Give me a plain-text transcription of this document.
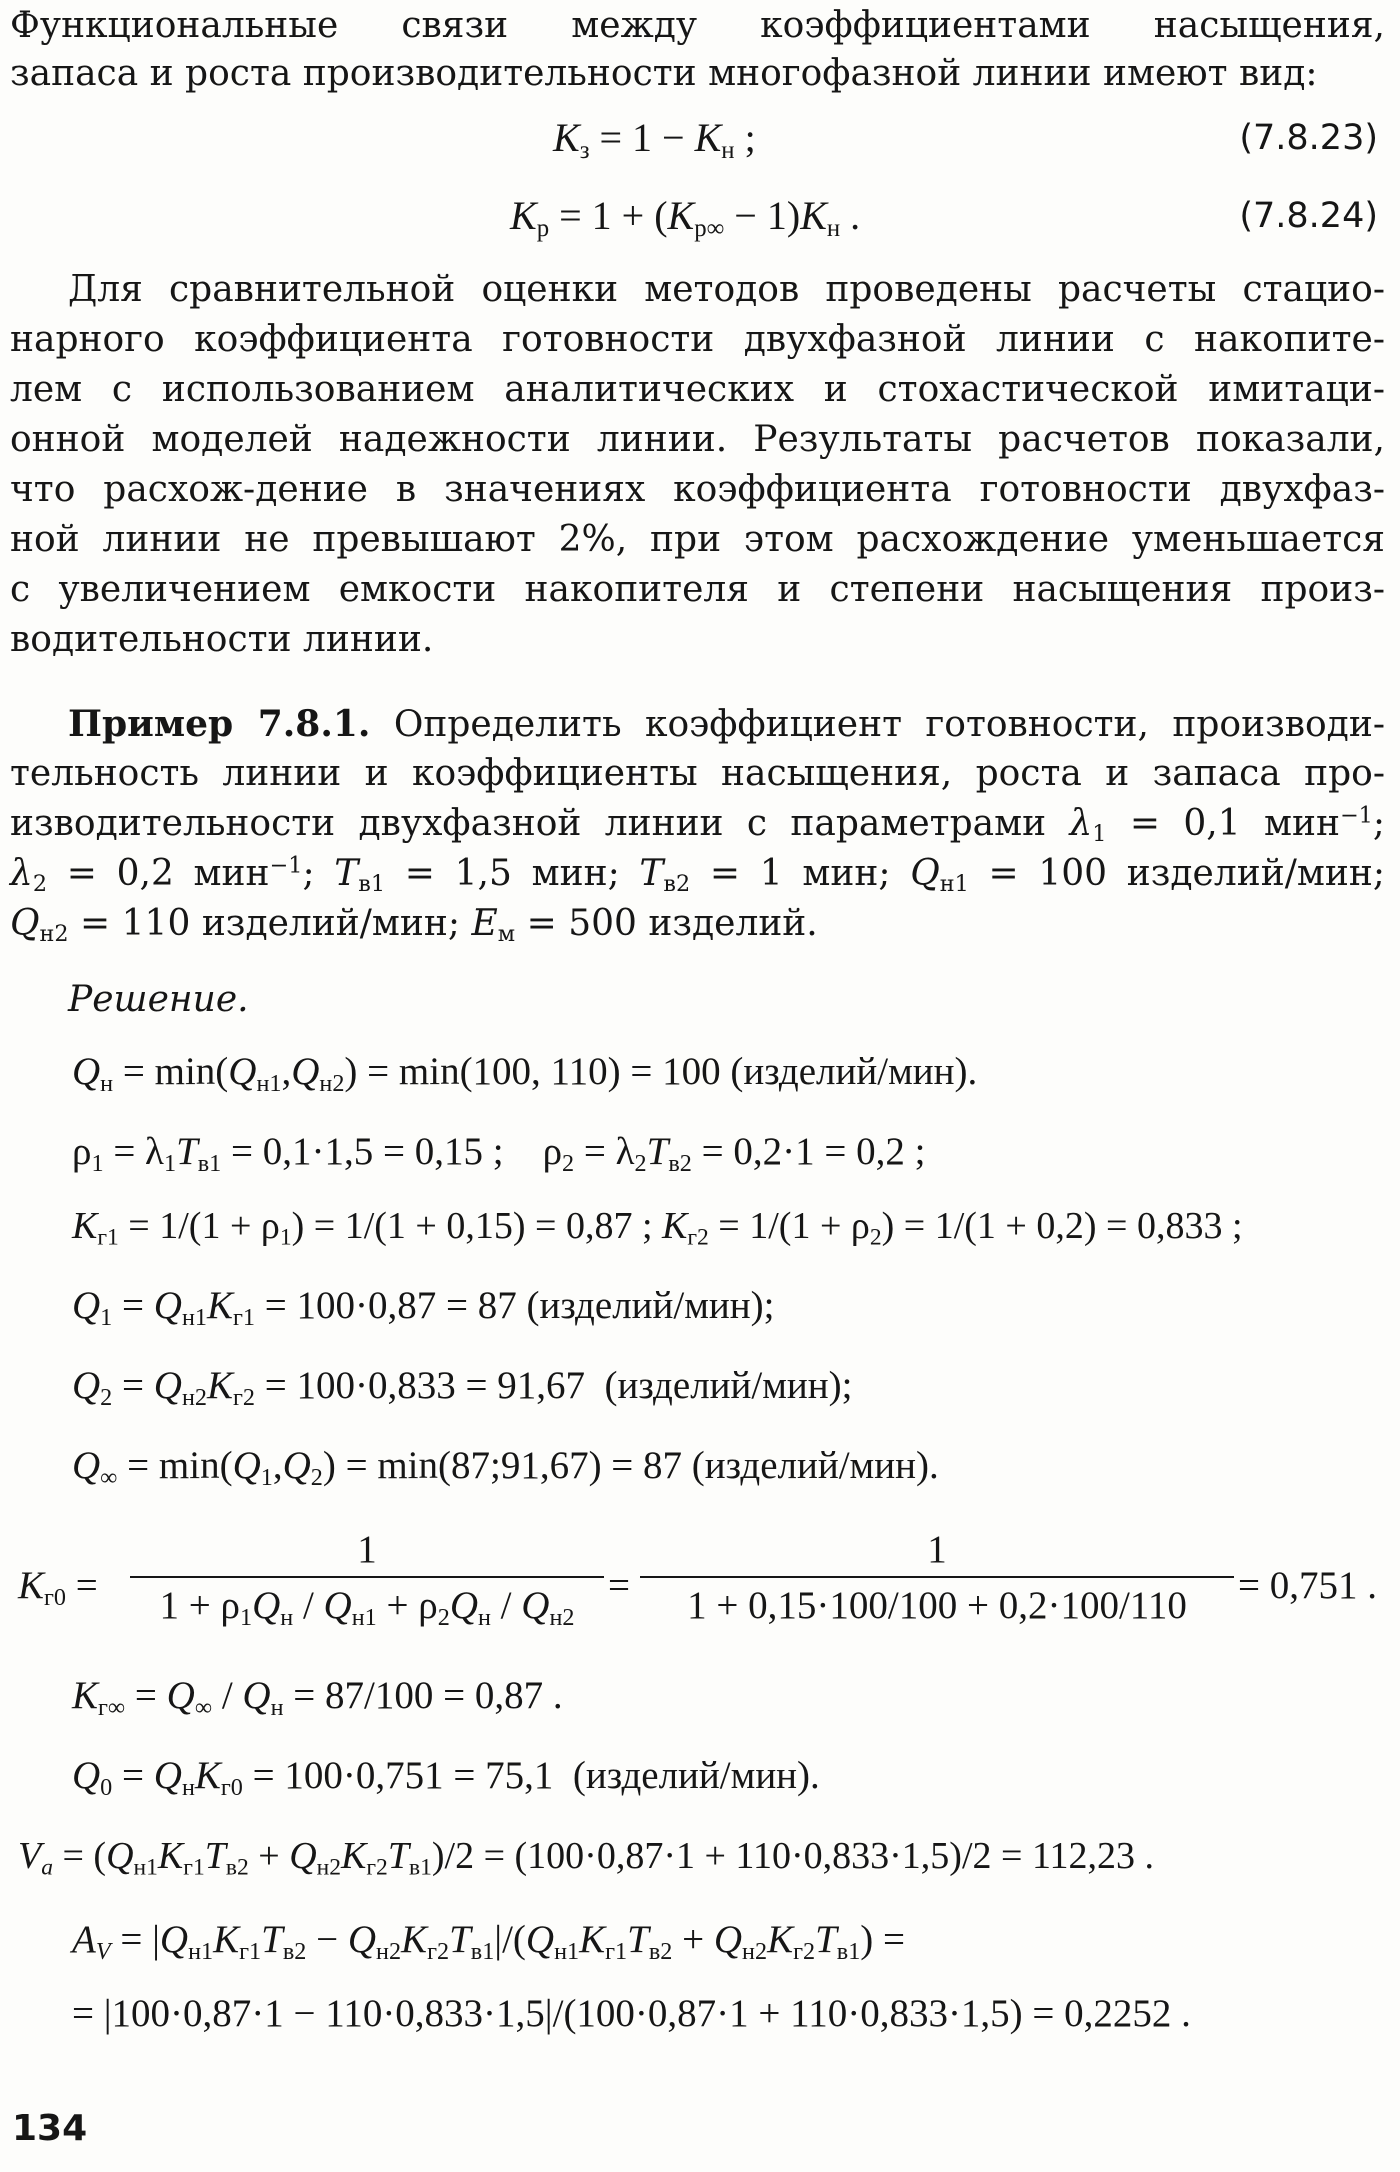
Функциональные связи между коэффициентами насыщения,
запаса и роста производительности многофазной линии имеют вид:
$K_з = 1 - K_н$ ;	(7.8.23)
$K_р = 1 + (K_{р\infty} - 1)K_н$ .	(7.8.24)
Для сравнительной оценки методов проведены расчеты стацио-
нарного коэффициента готовности двухфазной линии с накопите-
лем с использованием аналитических и стохастической имитаци-
онной моделей надежности линии. Результаты расчетов показали,
что расхож-дение в значениях коэффициента готовности двухфаз-
ной линии не превышают 2%, при этом расхождение уменьшается
с увеличением емкости накопителя и степени насыщения произ-
водительности линии.
Пример 7.8.1. Определить коэффициент готовности, производи-
тельность линии и коэффициенты насыщения, роста и запаса про-
изводительности двухфазной линии с параметрами $\lambda_1 = 0,1$ мин$^{-1}$;
$\lambda_2 = 0,2$ мин$^{-1}$; $T_{в1} = 1,5$ мин; $T_{в2} = 1$ мин; $Q_{н1} = 100$ изделий/мин;
$Q_{н2} = 110$ изделий/мин; $E_м = 500$ изделий.
Решение.
$Q_н = \min(Q_{н1},Q_{н2}) = \min(100$, 110) = 100 (изделий/мин).
$\rho_1 = \lambda_1T_{в1} = 0,1\cdot 1,5 = 0,15$ ;    $\rho_2 = \lambda_2T_{в2} = 0,2\cdot 1 = 0,2$ ;
$K_{г1} = 1/(1 + \rho_1) = 1/(1 + 0,15) = 0,87$ ; $K_{г2} = 1/(1 + \rho_2) = 1/(1 + 0,2) = 0,833$ ;
$Q_1 = Q_{н1}K_{г1} = 100\cdot 0,87 = 87$ (изделий/мин);
$Q_2 = Q_{н2}K_{г2} = 100\cdot 0,833 = 91,67$  (изделий/мин);
$Q_\infty = \min(Q_1,Q_2)$ = min(87;91,67) = 87 (изделий/мин).
$K_{г0}$ =
1
$1 + \rho_1Q_н / Q_{н1} + \rho_2Q_н / Q_{н2}$
=
1
1 + 0,15·100/100 + 0,2·100/110	= 0,751 .
$K_{г\infty} = Q_\infty / Q_н = 87/100 = 0,87$ .
$Q_0 = Q_нK_{г0} = 100\cdot 0,751 = 75,1$  (изделий/мин).
$V_a = (Q_{н1}K_{г1}T_{в2} + Q_{н2}K_{г2}T_{в1})/2 = (100\cdot 0,87\cdot 1 + 110\cdot 0,833\cdot 1,5)/2 = 112,23$ .
$A_V = |Q_{н1}K_{г1}T_{в2} - Q_{н2}K_{г2}T_{в1}|/(Q_{н1}K_{г1}T_{в2} + Q_{н2}K_{г2}T_{в1})$ =
= |100·0,87·1 − 110·0,833·1,5|/(100·0,87·1 + 110·0,833·1,5) = 0,2252 .
134
